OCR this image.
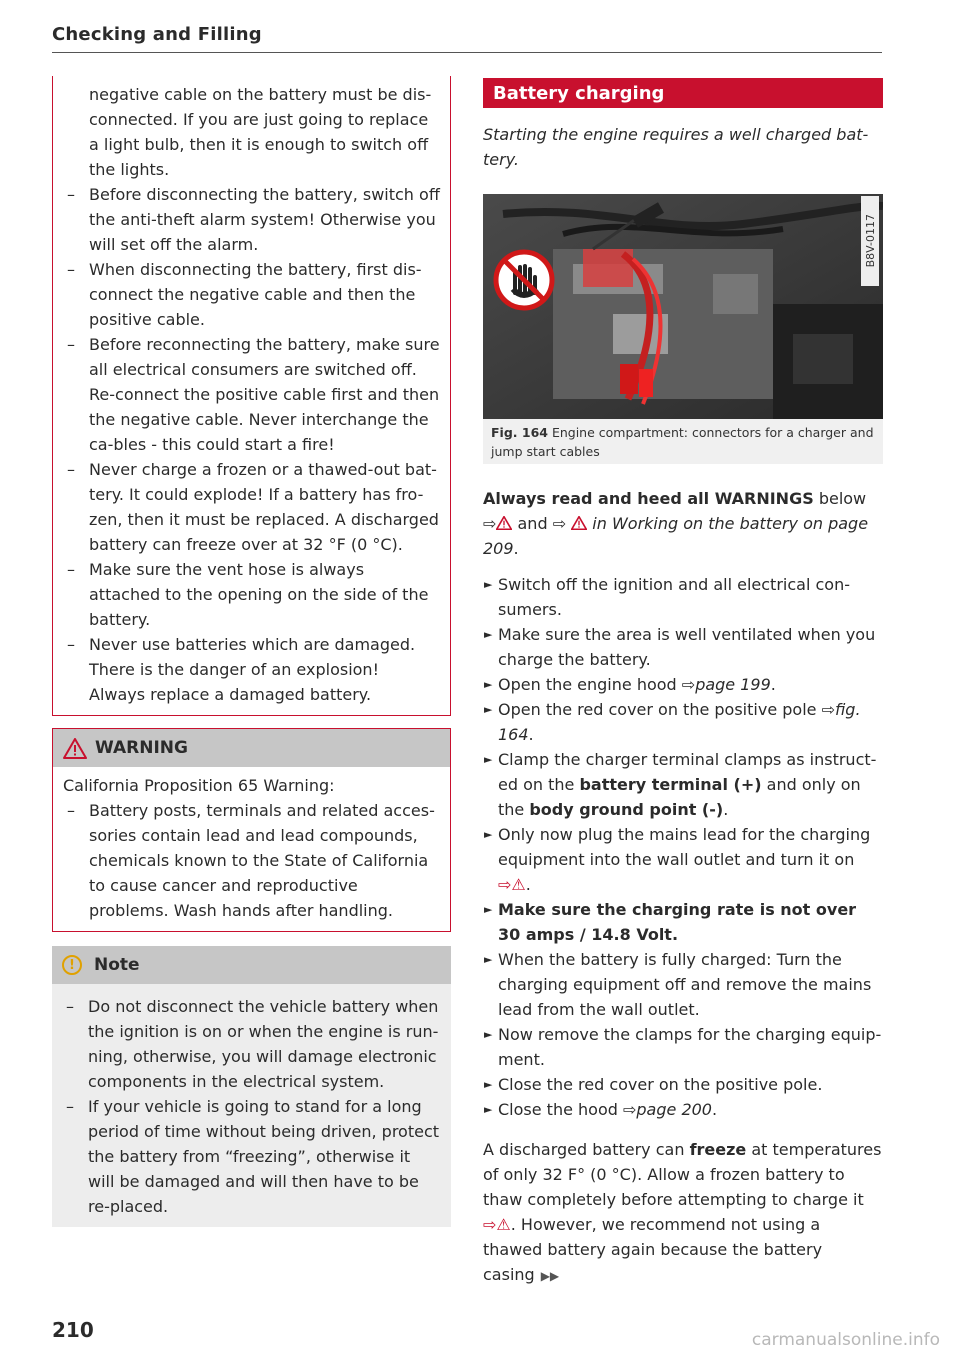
Checking and Filling
negative cable on the battery must be dis-connected. If you are just going to replace a light bulb, then it is enough to switch off the lights.
– Before disconnecting the battery, switch off the anti-theft alarm system! Otherwise you will set off the alarm.
– When disconnecting the battery, first dis-connect the negative cable and then the positive cable.
– Before reconnecting the battery, make sure all electrical consumers are switched off. Re-connect the positive cable first and then the negative cable. Never interchange the ca-bles - this could start a fire!
– Never charge a frozen or a thawed-out bat-tery. It could explode! If a battery has fro-zen, then it must be replaced. A discharged battery can freeze over at 32 °F (0 °C).
– Make sure the vent hose is always attached to the opening on the side of the battery.
– Never use batteries which are damaged. There is the danger of an explosion! Always replace a damaged battery.
WARNING
California Proposition 65 Warning:
– Battery posts, terminals and related acces-sories contain lead and lead compounds, chemicals known to the State of California to cause cancer and reproductive problems. Wash hands after handling.
!	Note
– Do not disconnect the vehicle battery when the ignition is on or when the engine is run-ning, otherwise, you will damage electronic components in the electrical system.
– If your vehicle is going to stand for a long period of time without being driven, protect the battery from “freezing”, otherwise it will be damaged and will then have to be re-placed.
Battery charging
Starting the engine requires a well charged bat-tery.
B8V-0117
Fig. 164 Engine compartment: connectors for a charger and jump start cables
Always read and heed all WARNINGS below ⇨ and ⇨ in Working on the battery on page 209.
► Switch off the ignition and all electrical con-sumers.
► Make sure the area is well ventilated when you charge the battery.
► Open the engine hood ⇨page 199.
► Open the red cover on the positive pole ⇨fig. 164.
► Clamp the charger terminal clamps as instruct-ed on the battery terminal (+) and only on the body ground point (-).
► Only now plug the mains lead for the charging equipment into the wall outlet and turn it on ⇨⚠.
► Make sure the charging rate is not over 30 amps / 14.8 Volt.
► When the battery is fully charged: Turn the charging equipment off and remove the mains lead from the wall outlet.
► Now remove the clamps for the charging equip-ment.
► Close the red cover on the positive pole.
► Close the hood ⇨page 200.
A discharged battery can freeze at temperatures of only 32 F° (0 °C). Allow a frozen battery to thaw completely before attempting to charge it ⇨⚠. However, we recommend not using a thawed battery again because the battery casing ▶▶
210	carmanualsonline.info
